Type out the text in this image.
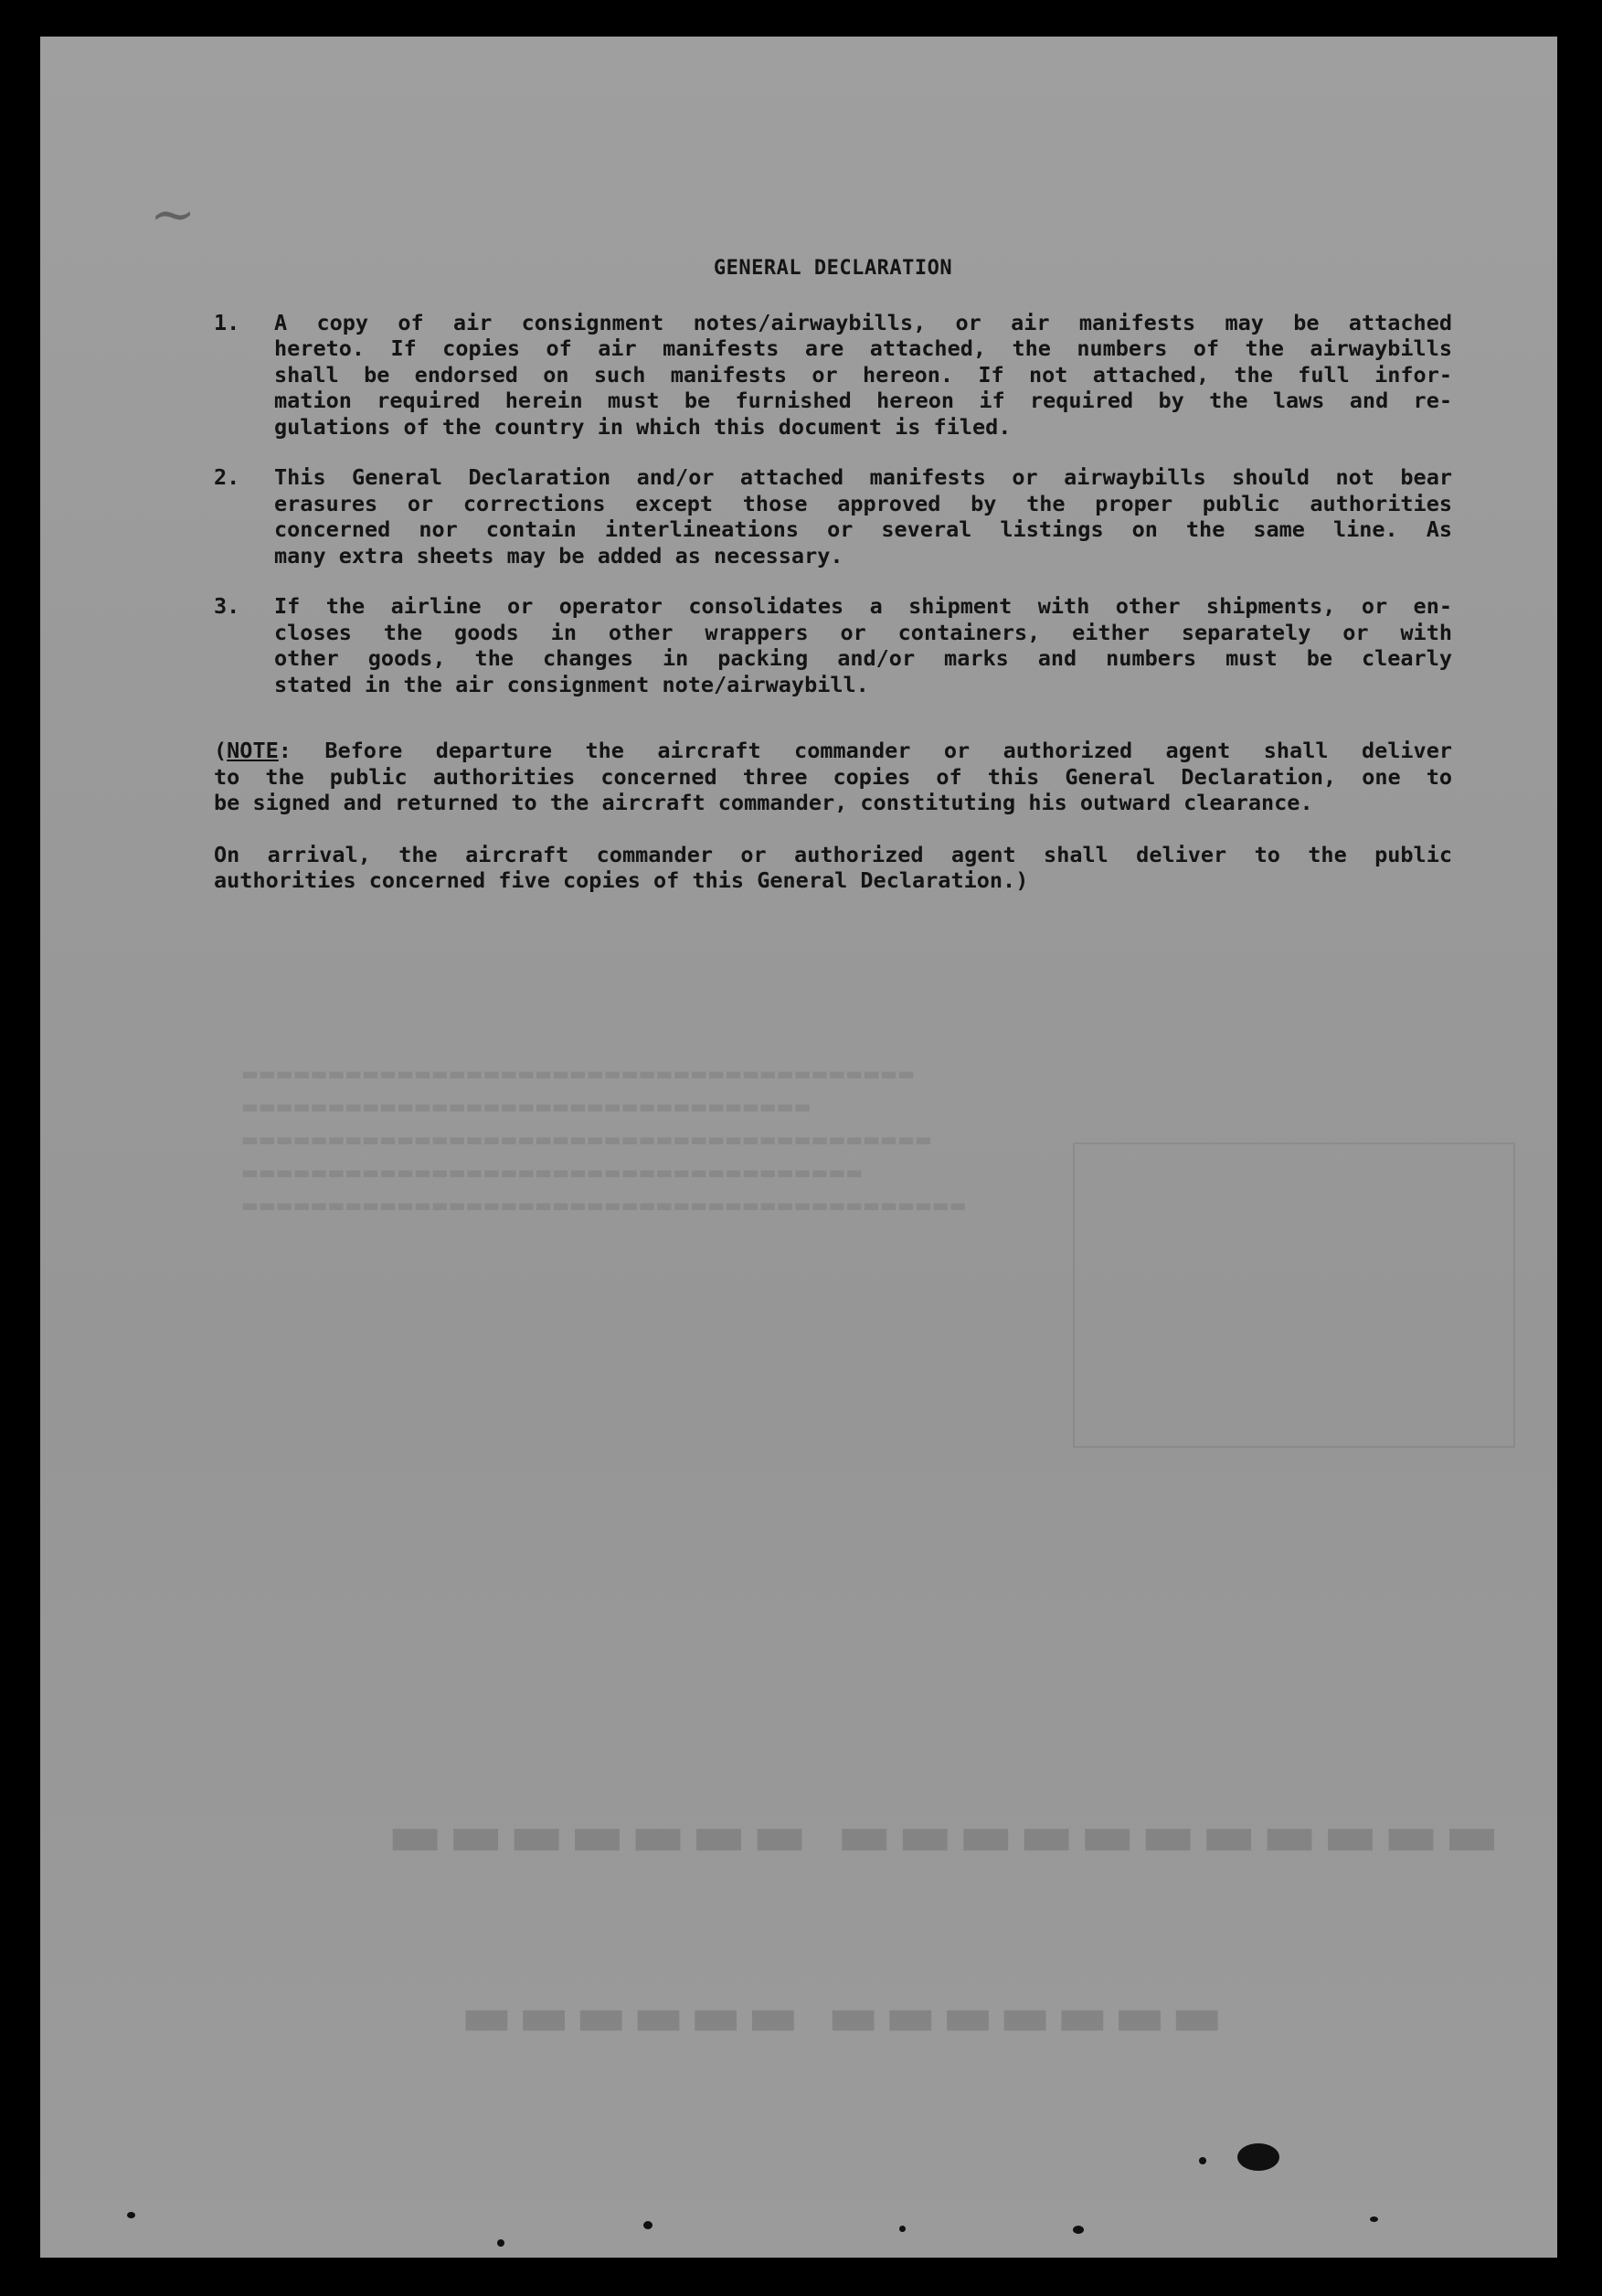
▬▬▬▬▬▬▬ ▬▬▬▬▬▬▬▬▬▬▬
▬▬▬▬▬▬ ▬▬▬▬▬▬▬
▬▬▬▬▬▬▬▬▬▬▬▬▬▬▬▬▬▬▬▬▬▬▬▬▬▬▬▬▬▬▬▬▬▬▬▬▬▬▬▬▬▬
▬▬▬▬▬▬▬▬▬▬▬▬▬▬▬▬▬▬▬▬▬▬▬▬▬▬▬▬▬▬▬▬▬▬▬▬
▬▬▬▬▬▬▬▬▬▬▬▬▬▬▬▬▬▬▬▬▬▬▬▬▬▬▬▬▬▬▬▬▬▬▬▬▬▬▬▬
▬▬▬▬▬▬▬▬▬▬▬▬▬▬▬▬▬▬▬▬▬▬▬▬▬▬▬▬▬▬▬▬▬
▬▬▬▬▬▬▬▬▬▬▬▬▬▬▬▬▬▬▬▬▬▬▬▬▬▬▬▬▬▬▬▬▬▬▬▬▬▬▬
~
GENERAL DECLARATION
1.	A copy of air consignment notes/airwaybills, or air manifests may be attached
hereto. If copies of air manifests are attached, the numbers of the airwaybills
shall be endorsed on such manifests or hereon. If not attached, the full infor-
mation required herein must be furnished hereon if required by the laws and re-
gulations of the country in which this document is filed.
2.	This General Declaration and/or attached manifests or airwaybills should not bear
erasures or corrections except those approved by the proper public authorities
concerned nor contain interlineations or several listings on the same line. As
many extra sheets may be added as necessary.
3.	If the airline or operator consolidates a shipment with other shipments, or en-
closes the goods in other wrappers or containers, either separately or with
other goods, the changes in packing and/or marks and numbers must be clearly
stated in the air consignment note/airwaybill.
(NOTE: Before departure the aircraft commander or authorized agent shall deliver
to the public authorities concerned three copies of this General Declaration, one to
be signed and returned to the aircraft commander, constituting his outward clearance.
On arrival, the aircraft commander or authorized agent shall deliver to the public
authorities concerned five copies of this General Declaration.)
